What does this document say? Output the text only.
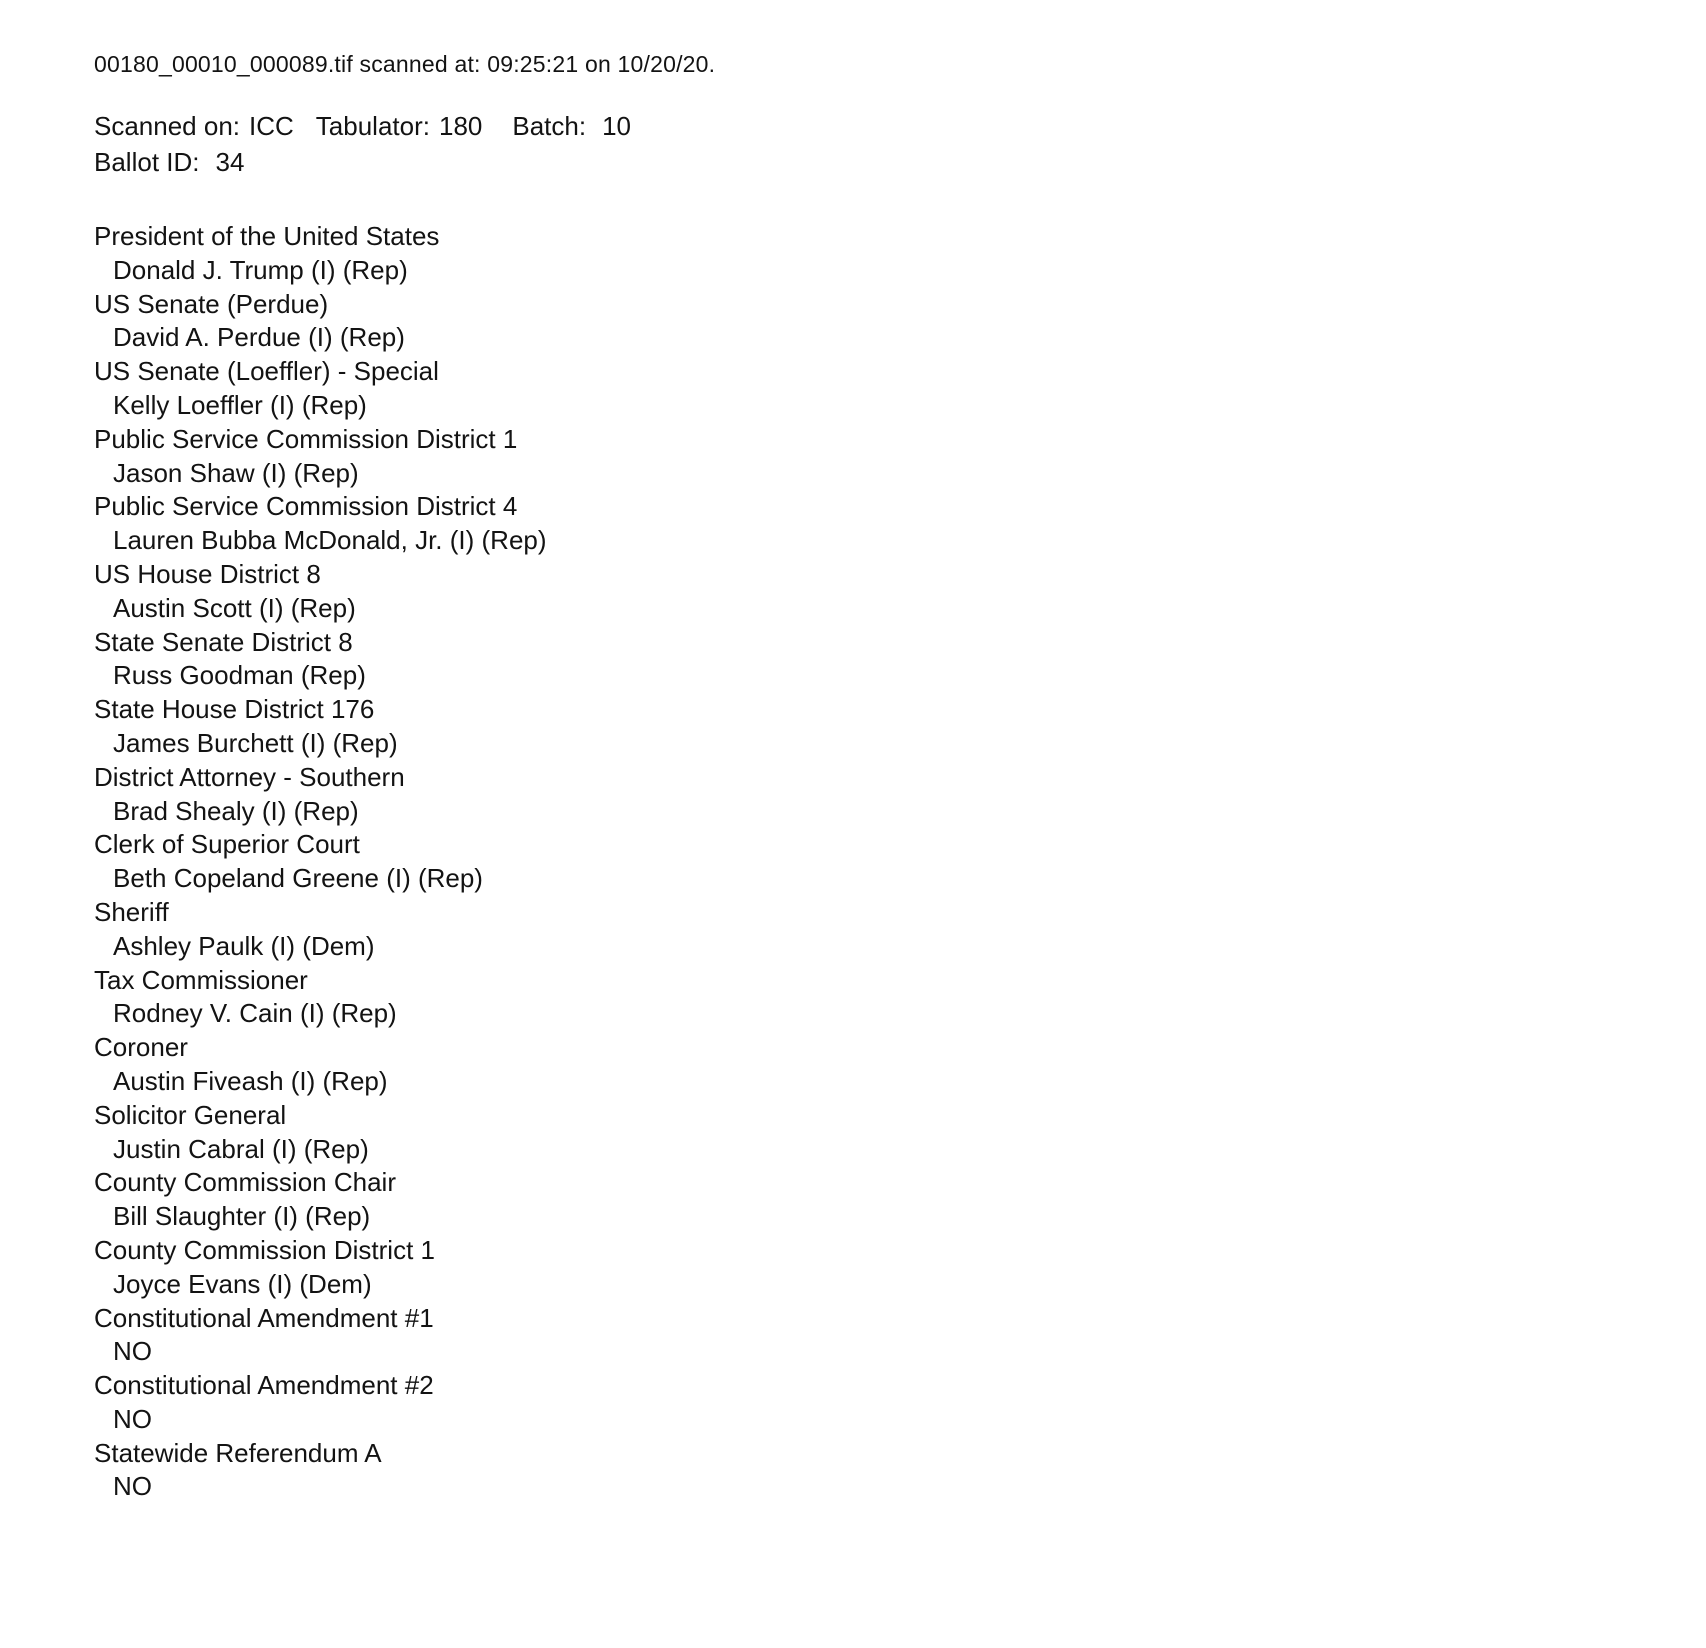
00180_00010_000089.tif scanned at: 09:25:21 on 10/20/20.
Scanned on: ICC Tabulator: 180 Batch: 10
Ballot ID: 34
President of the United States
Donald J. Trump (I) (Rep)
US Senate (Perdue)
David A. Perdue (I) (Rep)
US Senate (Loeffler) - Special
Kelly Loeffler (I) (Rep)
Public Service Commission District 1
Jason Shaw (I) (Rep)
Public Service Commission District 4
Lauren Bubba McDonald, Jr. (I) (Rep)
US House District 8
Austin Scott (I) (Rep)
State Senate District 8
Russ Goodman (Rep)
State House District 176
James Burchett (I) (Rep)
District Attorney - Southern
Brad Shealy (I) (Rep)
Clerk of Superior Court
Beth Copeland Greene (I) (Rep)
Sheriff
Ashley Paulk (I) (Dem)
Tax Commissioner
Rodney V. Cain (I) (Rep)
Coroner
Austin Fiveash (I) (Rep)
Solicitor General
Justin Cabral (I) (Rep)
County Commission Chair
Bill Slaughter (I) (Rep)
County Commission District 1
Joyce Evans (I) (Dem)
Constitutional Amendment #1
NO
Constitutional Amendment #2
NO
Statewide Referendum A
NO
